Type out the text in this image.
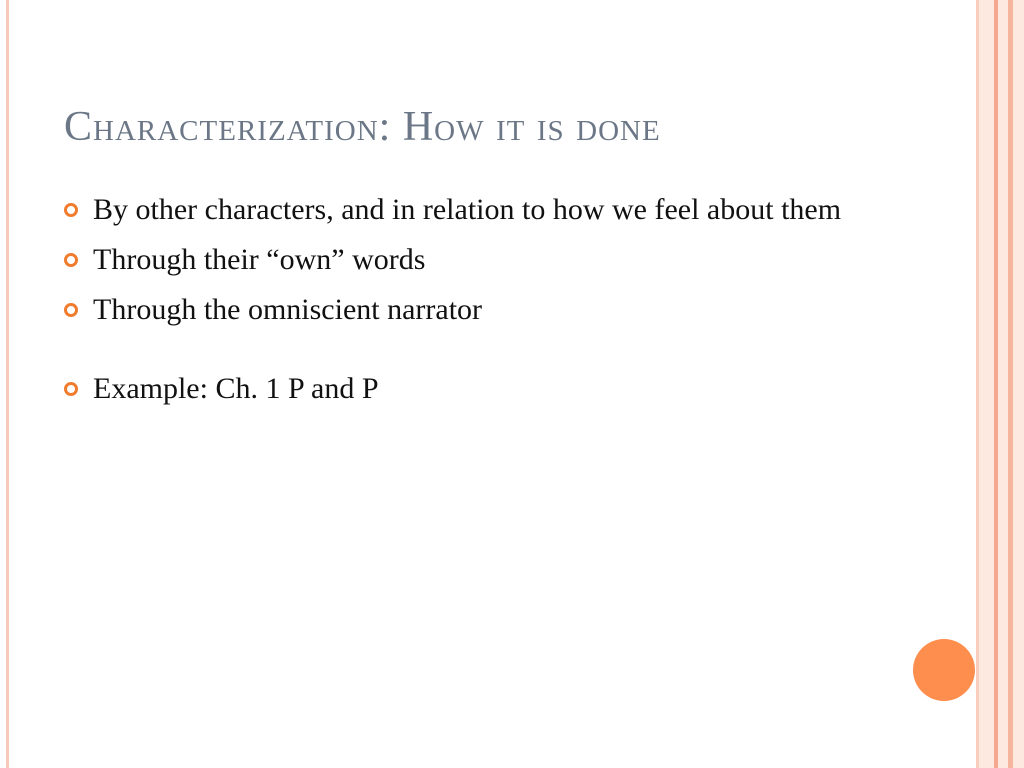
Characterization: How it is done
By other characters, and in relation to how we feel about them
Through their “own” words
Through the omniscient narrator
Example: Ch. 1 P and P
